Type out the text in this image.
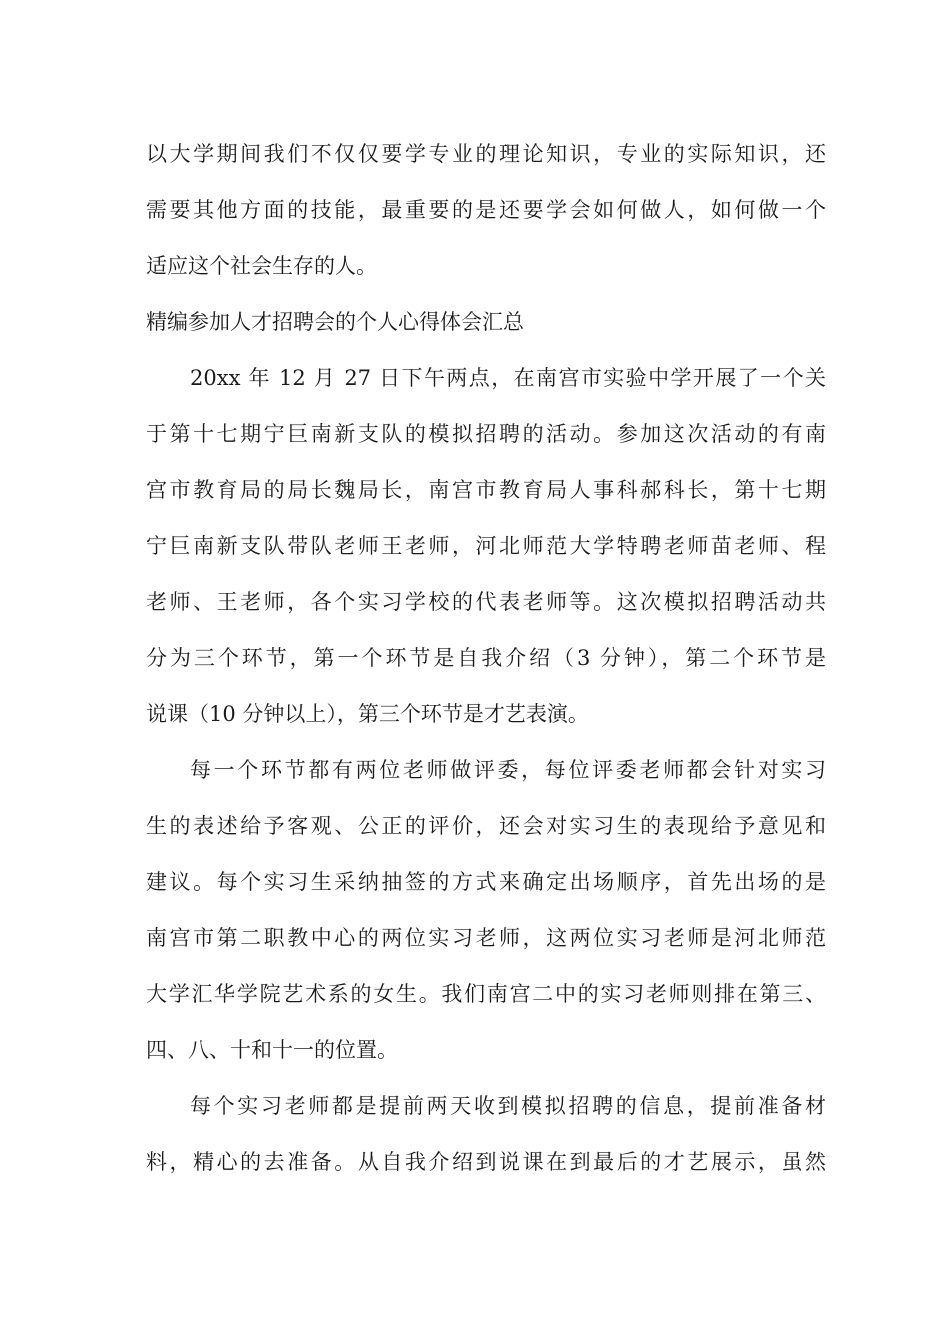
以大学期间我们不仅仅要学专业的理论知识，专业的实际知识，还
需要其他方面的技能，最重要的是还要学会如何做人，如何做一个
适应这个社会生存的人。
精编参加人才招聘会的个人心得体会汇总
20xx 年 12 月 27 日下午两点，在南宫市实验中学开展了一个关
于第十七期宁巨南新支队的模拟招聘的活动。参加这次活动的有南
宫市教育局的局长魏局长，南宫市教育局人事科郝科长，第十七期
宁巨南新支队带队老师王老师，河北师范大学特聘老师苗老师、程
老师、王老师，各个实习学校的代表老师等。这次模拟招聘活动共
分为三个环节，第一个环节是自我介绍（3 分钟），第二个环节是
说课（10 分钟以上），第三个环节是才艺表演。
每一个环节都有两位老师做评委，每位评委老师都会针对实习
生的表述给予客观、公正的评价，还会对实习生的表现给予意见和
建议。每个实习生采纳抽签的方式来确定出场顺序，首先出场的是
南宫市第二职教中心的两位实习老师，这两位实习老师是河北师范
大学汇华学院艺术系的女生。我们南宫二中的实习老师则排在第三、
四、八、十和十一的位置。
每个实习老师都是提前两天收到模拟招聘的信息，提前准备材
料，精心的去准备。从自我介绍到说课在到最后的才艺展示，虽然
